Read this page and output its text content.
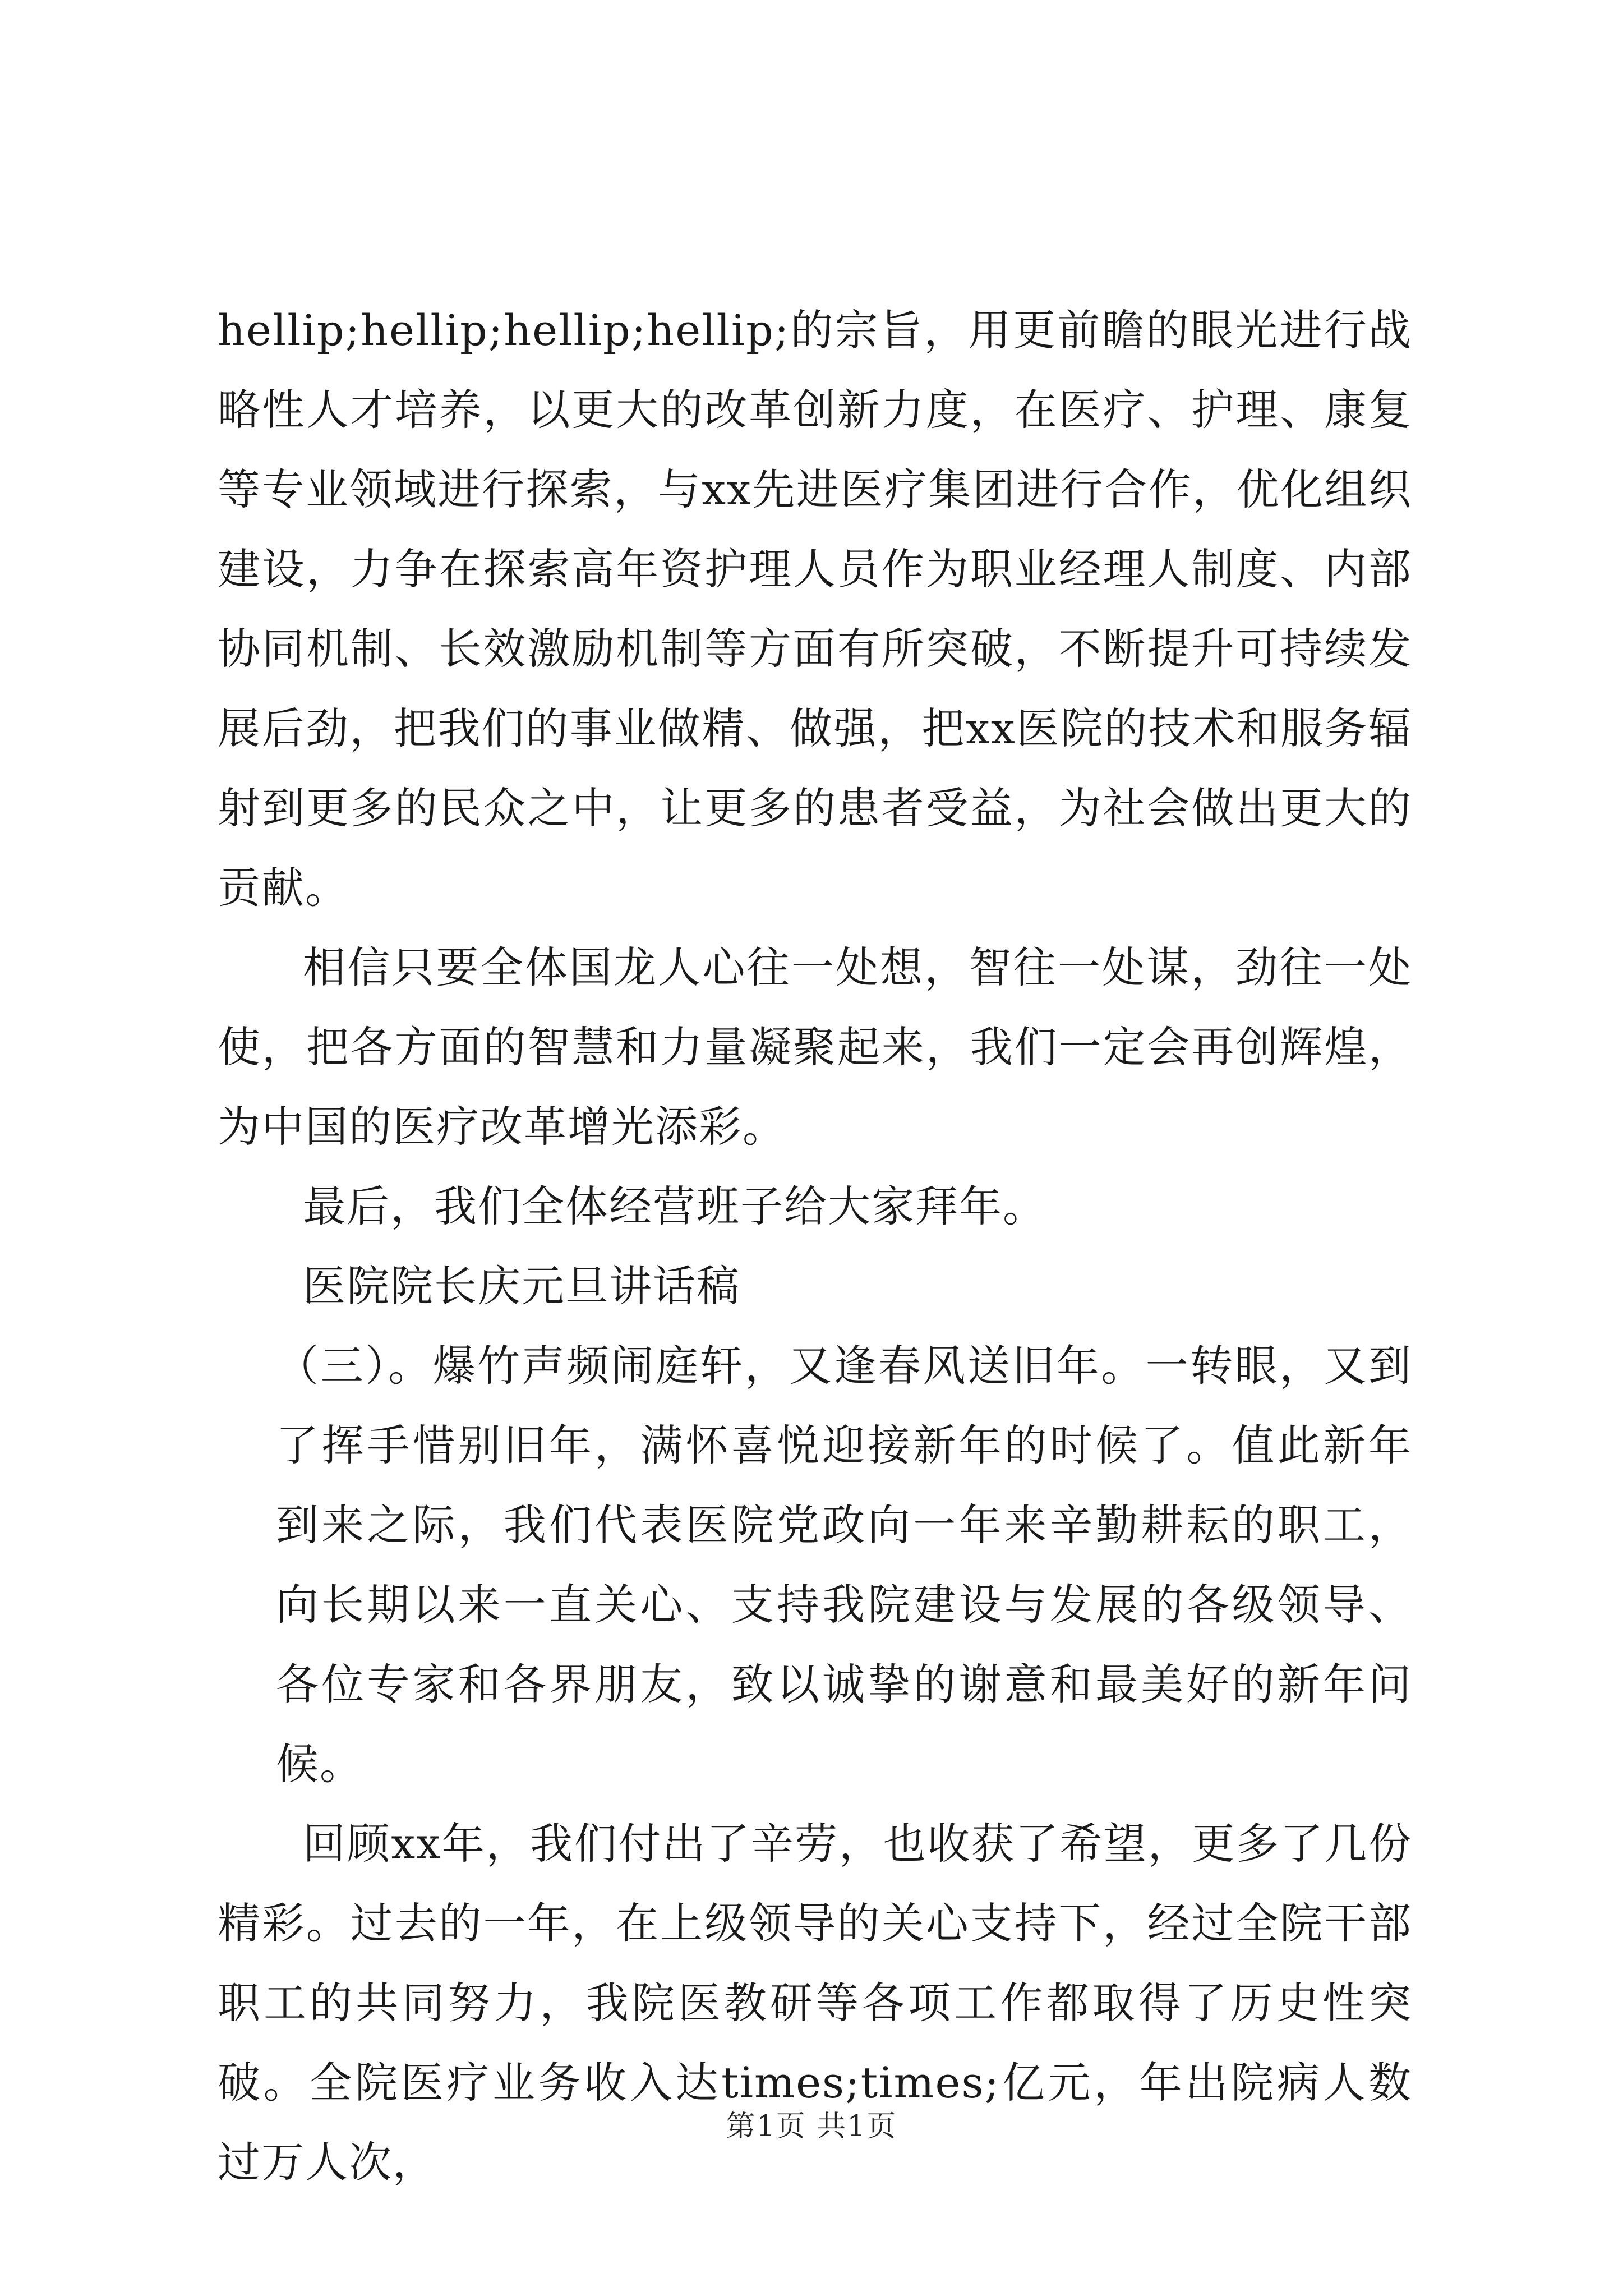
hellip;hellip;hellip;hellip;的宗旨，用更前瞻的眼光进行战略性人才培养，以更大的改革创新力度，在医疗、护理、康复等专业领域进行探索，与xx先进医疗集团进行合作，优化组织建设，力争在探索高年资护理人员作为职业经理人制度、内部协同机制、长效激励机制等方面有所突破，不断提升可持续发展后劲，把我们的事业做精、做强，把xx医院的技术和服务辐射到更多的民众之中，让更多的患者受益，为社会做出更大的贡献。

相信只要全体国龙人心往一处想，智往一处谋，劲往一处使，把各方面的智慧和力量凝聚起来，我们一定会再创辉煌，为中国的医疗改革增光添彩。

最后，我们全体经营班子给大家拜年。

医院院长庆元旦讲话稿

（三）。爆竹声频闹庭轩，又逢春风送旧年。一转眼，又到了挥手惜别旧年，满怀喜悦迎接新年的时候了。值此新年到来之际，我们代表医院党政向一年来辛勤耕耘的职工，向长期以来一直关心、支持我院建设与发展的各级领导、各位专家和各界朋友，致以诚挚的谢意和最美好的新年问候。

回顾xx年，我们付出了辛劳，也收获了希望，更多了几份精彩。过去的一年，在上级领导的关心支持下，经过全院干部职工的共同努力，我院医教研等各项工作都取得了历史性突破。全院医疗业务收入达times;times;亿元，年出院病人数过万人次，

第1页 共1页
